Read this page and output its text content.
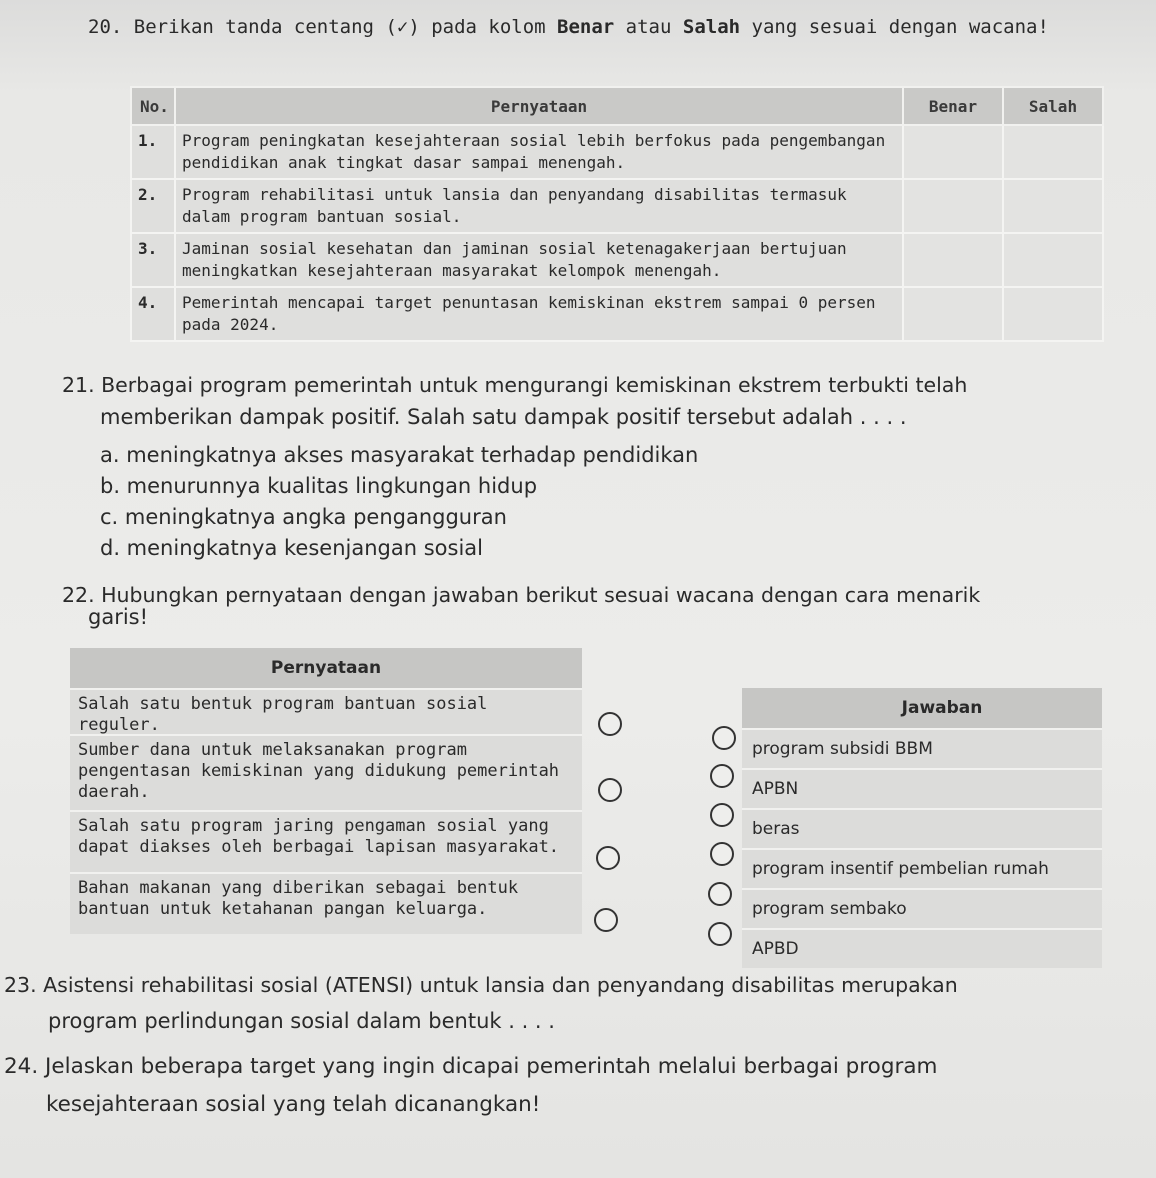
20. Berikan tanda centang (✓) pada kolom Benar atau Salah yang sesuai dengan wacana!
No.	Pernyataan	Benar	Salah
1.	Program peningkatan kesejahteraan sosial lebih berfokus pada pengembangan pendidikan anak tingkat dasar sampai menengah.		
2.	Program rehabilitasi untuk lansia dan penyandang disabilitas termasuk dalam program bantuan sosial.		
3.	Jaminan sosial kesehatan dan jaminan sosial ketenagakerjaan bertujuan meningkatkan kesejahteraan masyarakat kelompok menengah.		
4.	Pemerintah mencapai target penuntasan kemiskinan ekstrem sampai 0 persen pada 2024.		
21. Berbagai program pemerintah untuk mengurangi kemiskinan ekstrem terbukti telah
memberikan dampak positif. Salah satu dampak positif tersebut adalah . . . .
a. meningkatnya akses masyarakat terhadap pendidikan
b. menurunnya kualitas lingkungan hidup
c. meningkatnya angka pengangguran
d. meningkatnya kesenjangan sosial
22. Hubungkan pernyataan dengan jawaban berikut sesuai wacana dengan cara menarik
garis!
Pernyataan
Salah satu bentuk program bantuan sosial reguler.
Sumber dana untuk melaksanakan program pengentasan kemiskinan yang didukung pemerintah daerah.
Salah satu program jaring pengaman sosial yang dapat diakses oleh berbagai lapisan masyarakat.
Bahan makanan yang diberikan sebagai bentuk bantuan untuk ketahanan pangan keluarga.
Jawaban
program subsidi BBM
APBN
beras
program insentif pembelian rumah
program sembako
APBD
23. Asistensi rehabilitasi sosial (ATENSI) untuk lansia dan penyandang disabilitas merupakan
program perlindungan sosial dalam bentuk . . . .
24. Jelaskan beberapa target yang ingin dicapai pemerintah melalui berbagai program
kesejahteraan sosial yang telah dicanangkan!
